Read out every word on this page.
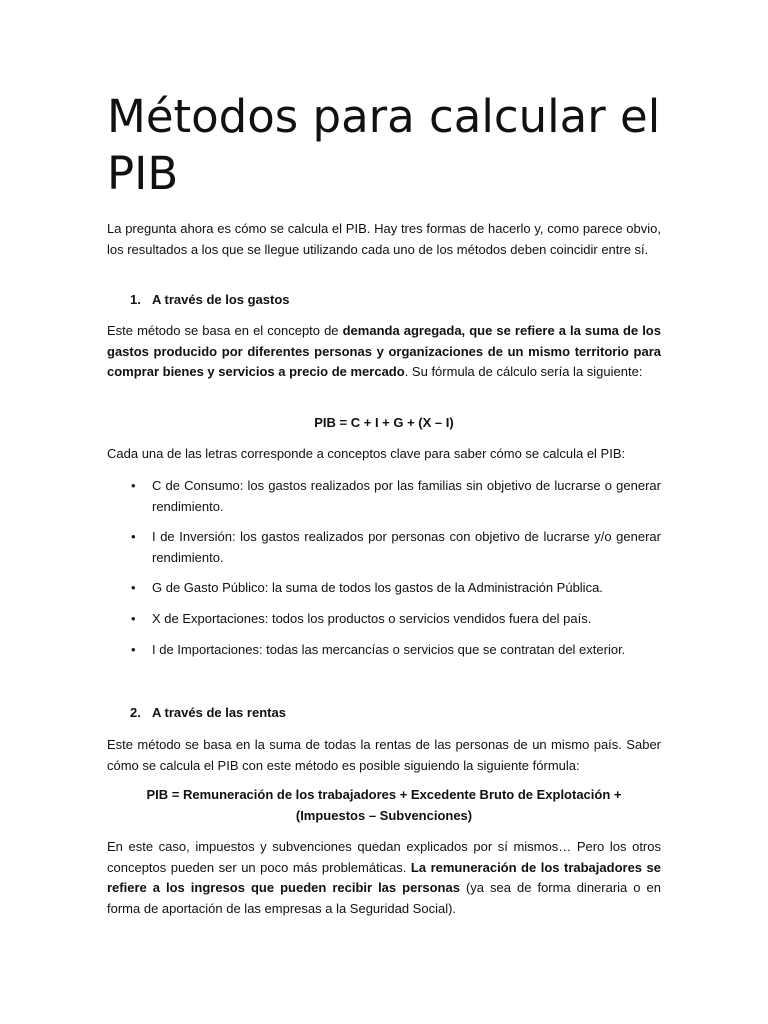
Métodos para calcular el PIB

La pregunta ahora es cómo se calcula el PIB. Hay tres formas de hacerlo y, como parece obvio, los resultados a los que se llegue utilizando cada uno de los métodos deben coincidir entre sí.

1. A través de los gastos

Este método se basa en el concepto de demanda agregada, que se refiere a la suma de los gastos producido por diferentes personas y organizaciones de un mismo territorio para comprar bienes y servicios a precio de mercado. Su fórmula de cálculo sería la siguiente:

PIB = C + I + G + (X – I)

Cada una de las letras corresponde a conceptos clave para saber cómo se calcula el PIB:

• C de Consumo: los gastos realizados por las familias sin objetivo de lucrarse o generar rendimiento.
• I de Inversión: los gastos realizados por personas con objetivo de lucrarse y/o generar rendimiento.
• G de Gasto Público: la suma de todos los gastos de la Administración Pública.
• X de Exportaciones: todos los productos o servicios vendidos fuera del país.
• I de Importaciones: todas las mercancías o servicios que se contratan del exterior.
2. A través de las rentas

Este método se basa en la suma de todas la rentas de las personas de un mismo país. Saber cómo se calcula el PIB con este método es posible siguiendo la siguiente fórmula:

PIB = Remuneración de los trabajadores + Excedente Bruto de Explotación + (Impuestos – Subvenciones)

En este caso, impuestos y subvenciones quedan explicados por sí mismos… Pero los otros conceptos pueden ser un poco más problemáticas. La remuneración de los trabajadores se refiere a los ingresos que pueden recibir las personas (ya sea de forma dineraria o en forma de aportación de las empresas a la Seguridad Social).
